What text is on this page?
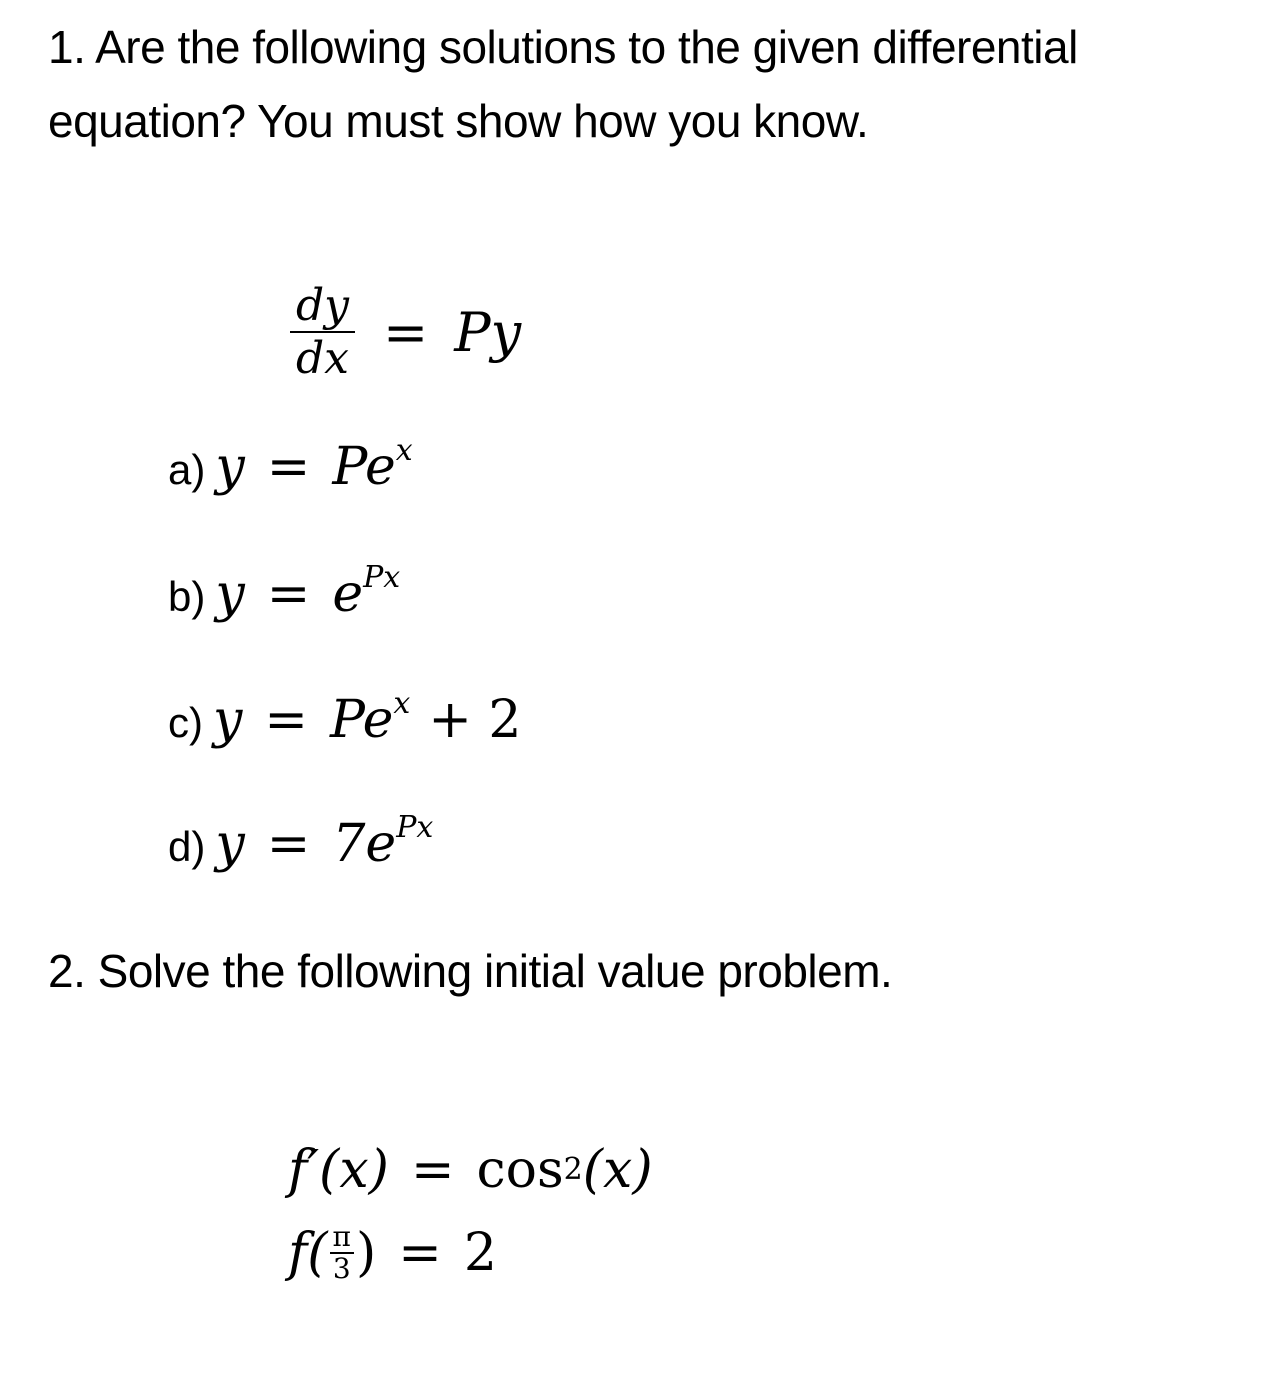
1. Are the following solutions to the given differential

equation? You must show how you know.

$\frac{dy}{dx} = Py$
a) $y = Pe^x$
b) $y = e^{Px}$
c) $y = Pe^x + 2$
d) $y = 7e^{Px}$

2. Solve the following initial value problem.

f′(x) = cos 2 (x)
$f( \frac{\pi}{3}$ ) = 2
